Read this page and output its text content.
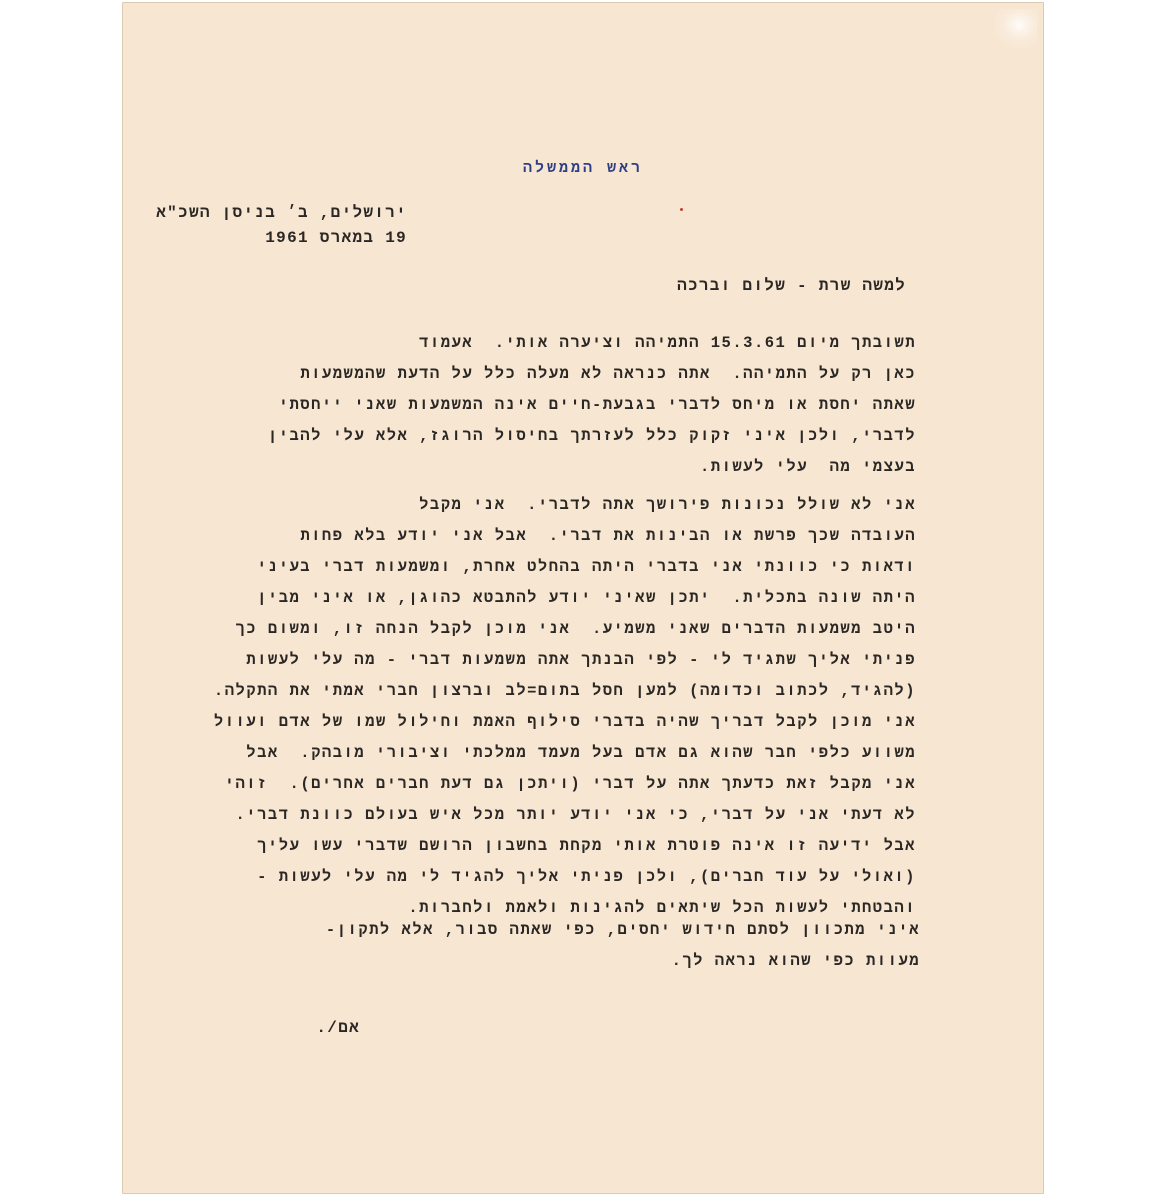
ראש הממשלה
ירושלים, ב׳ בניסן השכ"א
19 במארס 1961
למשה שרת - שלום וברכה
תשובתך מיום 15.3.61 התמיהה וציערה אותי.  אעמוד
כאן רק על התמיהה.  אתה כנראה לא מעלה כלל על הדעת שהמשמעות
שאתה יחסת או מיחס לדברי בגבעת-חיים אינה המשמעות שאני ייחסתי
לדברי, ולכן איני זקוק כלל לעזרתך בחיסול הרוגז, אלא עלי להבין
בעצמי מה  עלי לעשות.
אני לא שולל נכונות פירושך אתה לדברי.  אני מקבל
העובדה שכך פרשת או הבינות את דברי.  אבל אני יודע בלא פחות
ודאות כי כוונתי אני בדברי היתה בהחלט אחרת, ומשמעות דברי בעיני
היתה שונה בתכלית.  יתכן שאיני יודע להתבטא כהוגן, או איני מבין
היטב משמעות הדברים שאני משמיע.  אני מוכן לקבל הנחה זו, ומשום כך
פניתי אליך שתגיד לי - לפי הבנתך אתה משמעות דברי - מה עלי לעשות
(להגיד, לכתוב וכדומה) למען חסל בתום=לב וברצון חברי אמתי את התקלה.
אני מוכן לקבל דבריך שהיה בדברי סילוף האמת וחילול שמו של אדם ועוול
משווע כלפי חבר שהוא גם אדם בעל מעמד ממלכתי וציבורי מובהק.  אבל
אני מקבל זאת כדעתך אתה על דברי (ויתכן גם דעת חברים אחרים).  זוהי
לא דעתי אני על דברי, כי אני יודע יותר מכל איש בעולם כוונת דברי.
אבל ידיעה זו אינה פוטרת אותי מקחת בחשבון הרושם שדברי עשו עליך
(ואולי על עוד חברים), ולכן פניתי אליך להגיד לי מה עלי לעשות -
והבטחתי לעשות הכל שיתאים להגינות ולאמת ולחברות.
איני מתכוון לסתם חידוש יחסים, כפי שאתה סבור, אלא לתקון-
מעוות כפי שהוא נראה לך.
אם/.
